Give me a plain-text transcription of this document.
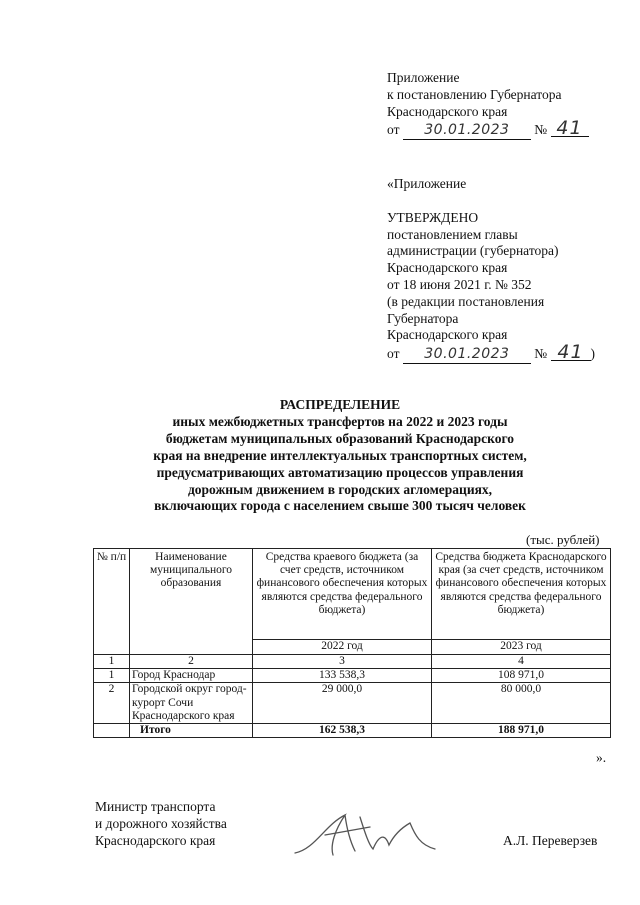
Приложение
к постановлению Губернатора
Краснодарского края
от 30.01.2023 № 41
«Приложение
УТВЕРЖДЕНО
постановлением главы
администрации (губернатора)
Краснодарского края
от 18 июня 2021 г. № 352
(в редакции постановления
Губернатора
Краснодарского края
от 30.01.2023 № 41 )
РАСПРЕДЕЛЕНИЕ
иных межбюджетных трансфертов на 2022 и 2023 годы
бюджетам муниципальных образований Краснодарского
края на внедрение интеллектуальных транспортных систем,
предусматривающих автоматизацию процессов управления
дорожным движением в городских агломерациях,
включающих города с населением свыше 300 тысяч человек
(тыс. рублей)
№ п/п	Наименование муниципального образования	Средства краевого бюджета (за счет средств, источником финансового обеспечения которых являются средства федерального бюджета)	Средства бюджета Краснодарского края (за счет средств, источником финансового обеспечения которых являются средства федерального бюджета)
		2022 год	2023 год
1	2	3	4
1	Город Краснодар	133 538,3	108 971,0
2	Городской округ город-курорт Сочи Краснодарского края	29 000,0	80 000,0
	Итого	162 538,3	188 971,0
».
Министр транспорта
и дорожного хозяйства
Краснодарского края	А.Л. Переверзев
